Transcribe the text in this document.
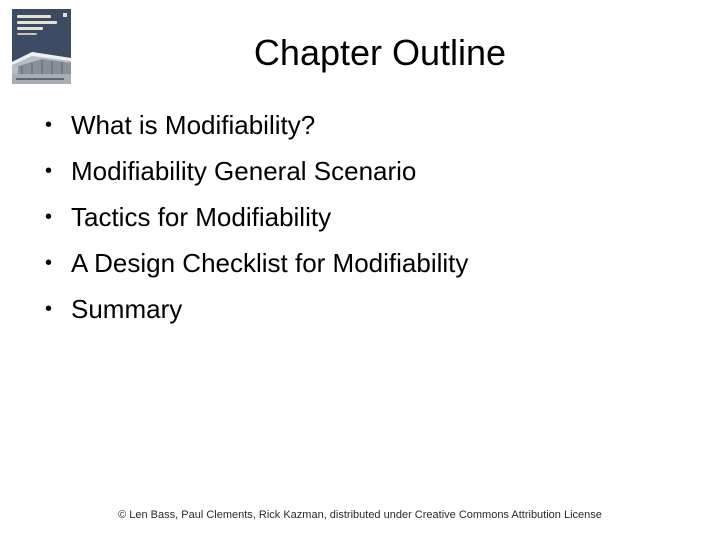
Chapter Outline
• What is Modifiability?
• Modifiability General Scenario
• Tactics for Modifiability
• A Design Checklist for Modifiability
• Summary
© Len Bass, Paul Clements, Rick Kazman, distributed under Creative Commons Attribution License
